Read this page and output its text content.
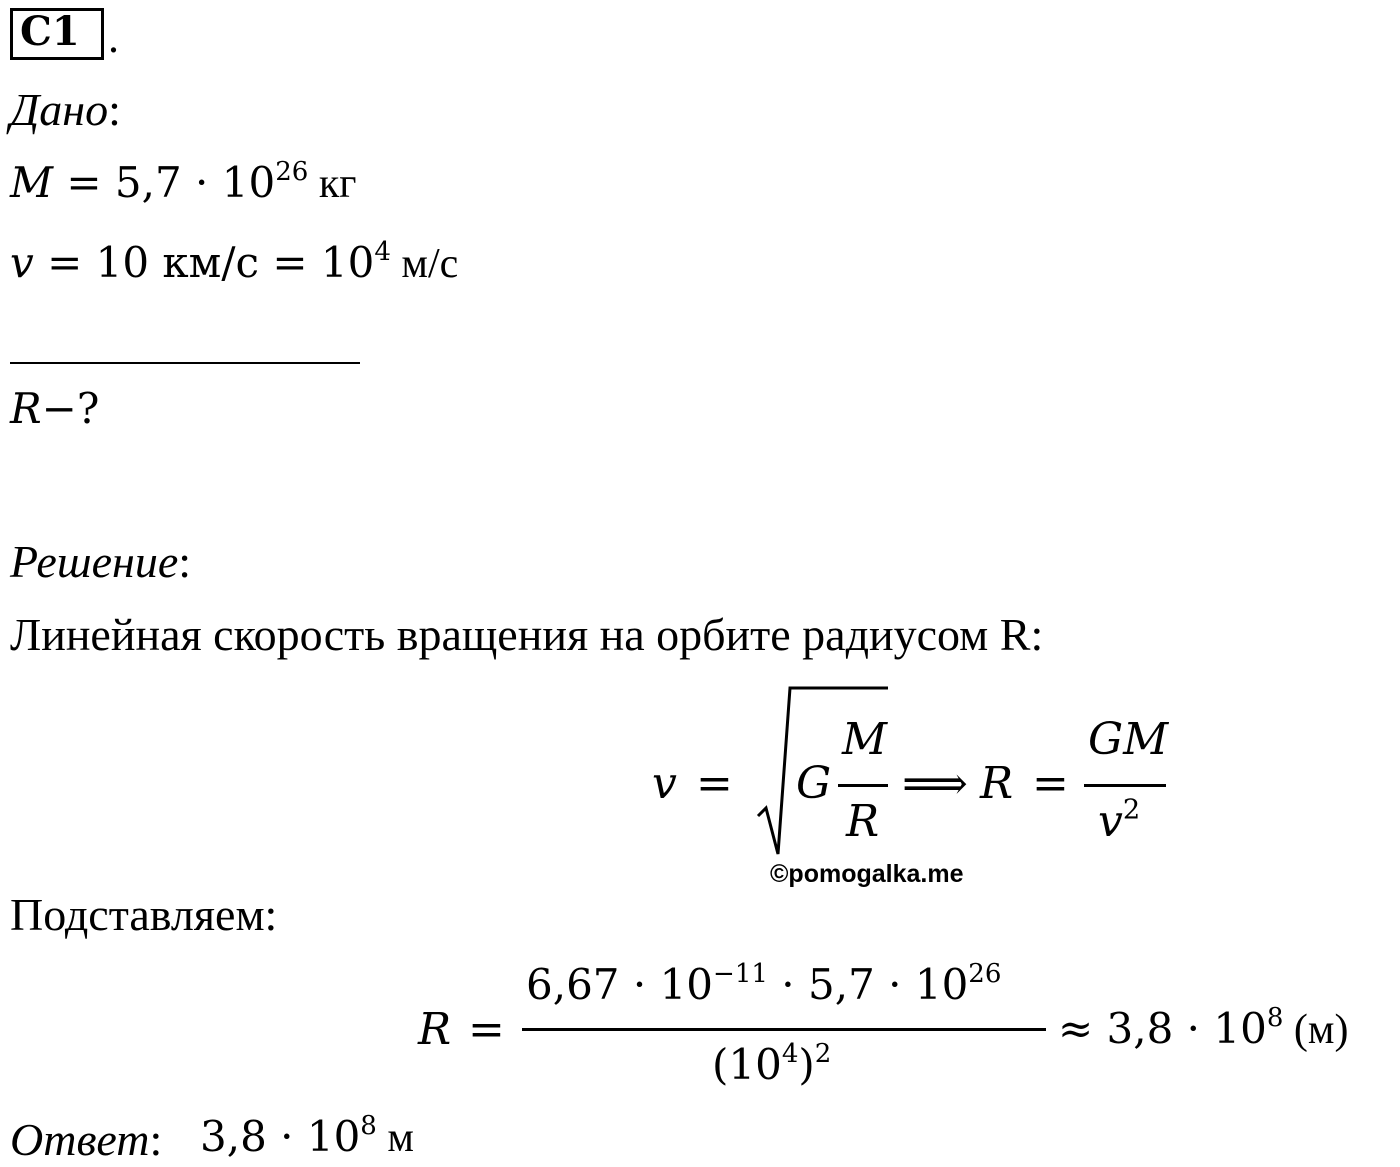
C1 .
Дано:
$M = 5,7 \cdot 10^{26}$ кг
v = 10 $км/с = 10^4$ м/с
R−?
Решение:
Линейная скорость вращения на орбите радиусом R:
v = G
M
R
⟹ R =
GM
$v^2$
©pomogalka.me
Подставляем:
R =
$6,67 \cdot 10^{-11} \cdot 5,7 \cdot 10^{26}$
$(10^4)^2$
≈ $3,8 \cdot 10^8$ (м)
Ответ: $3,8 \cdot 10^8$ м
